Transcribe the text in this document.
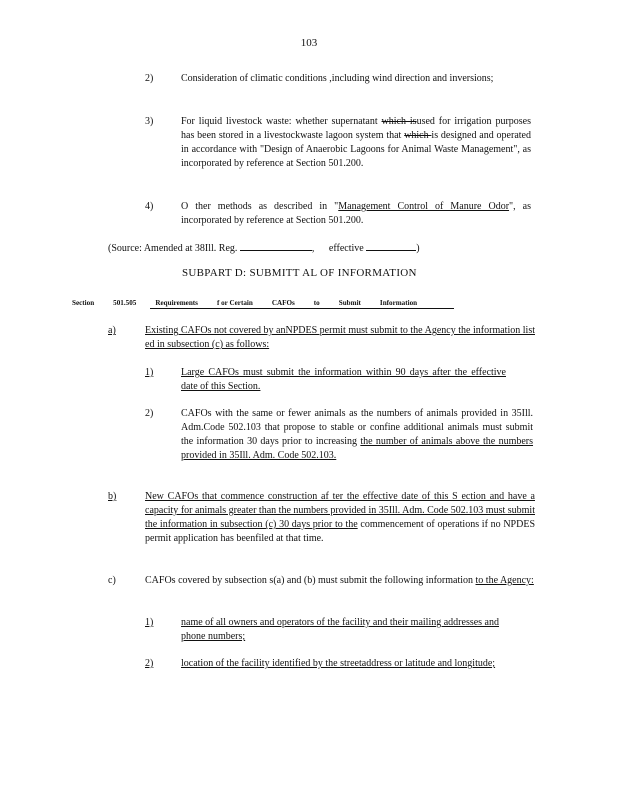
103
2)	Consideration of climatic conditions ,including wind direction and inversions;
3)	For liquid livestock waste: whether supernatant which isused for irrigation purposes has been stored in a livestockwaste lagoon system that which is designed and operated in accordance with "Design of Anaerobic Lagoons for Animal Waste Management", as incorporated by reference at Section 501.200.
4)	O ther methods as described in "Management Control of Manure Odor", as incorporated by reference at Section 501.200.
(Source: Amended at 38Ill. Reg.	, effective	)
SUBPART D: SUBMITT AL OF INFORMATION
Section	501.505	Requirements	f or Certain	CAFOs	to	Submit	Information
a)	Existing CAFOs not covered by anNPDES permit must submit to the Agency the information list ed in subsection (c) as follows:
1)	Large CAFOs must submit the information within 90 days after the effective date of this Section.
2)	CAFOs with the same or fewer animals as the numbers of animals provided in 35Ill. Adm.Code 502.103 that propose to stable or confine additional animals must submit the information 30 days prior to increasing the number of animals above the numbers provided in 35Ill. Adm. Code 502.103.
b)	New CAFOs that commence construction af ter the effective date of this S ection and have a capacity for animals greater than the numbers provided in 35Ill. Adm. Code 502.103 must submit the information in subsection (c) 30 days prior to the commencement of operations if no NPDES permit application has beenfiled at that time.
c)	CAFOs covered by subsection s(a) and (b) must submit the following information to the Agency:
1)	name of all owners and operators of the facility and their mailing addresses and phone numbers;
2)	location of the facility identified by the streetaddress or latitude and longitude;
